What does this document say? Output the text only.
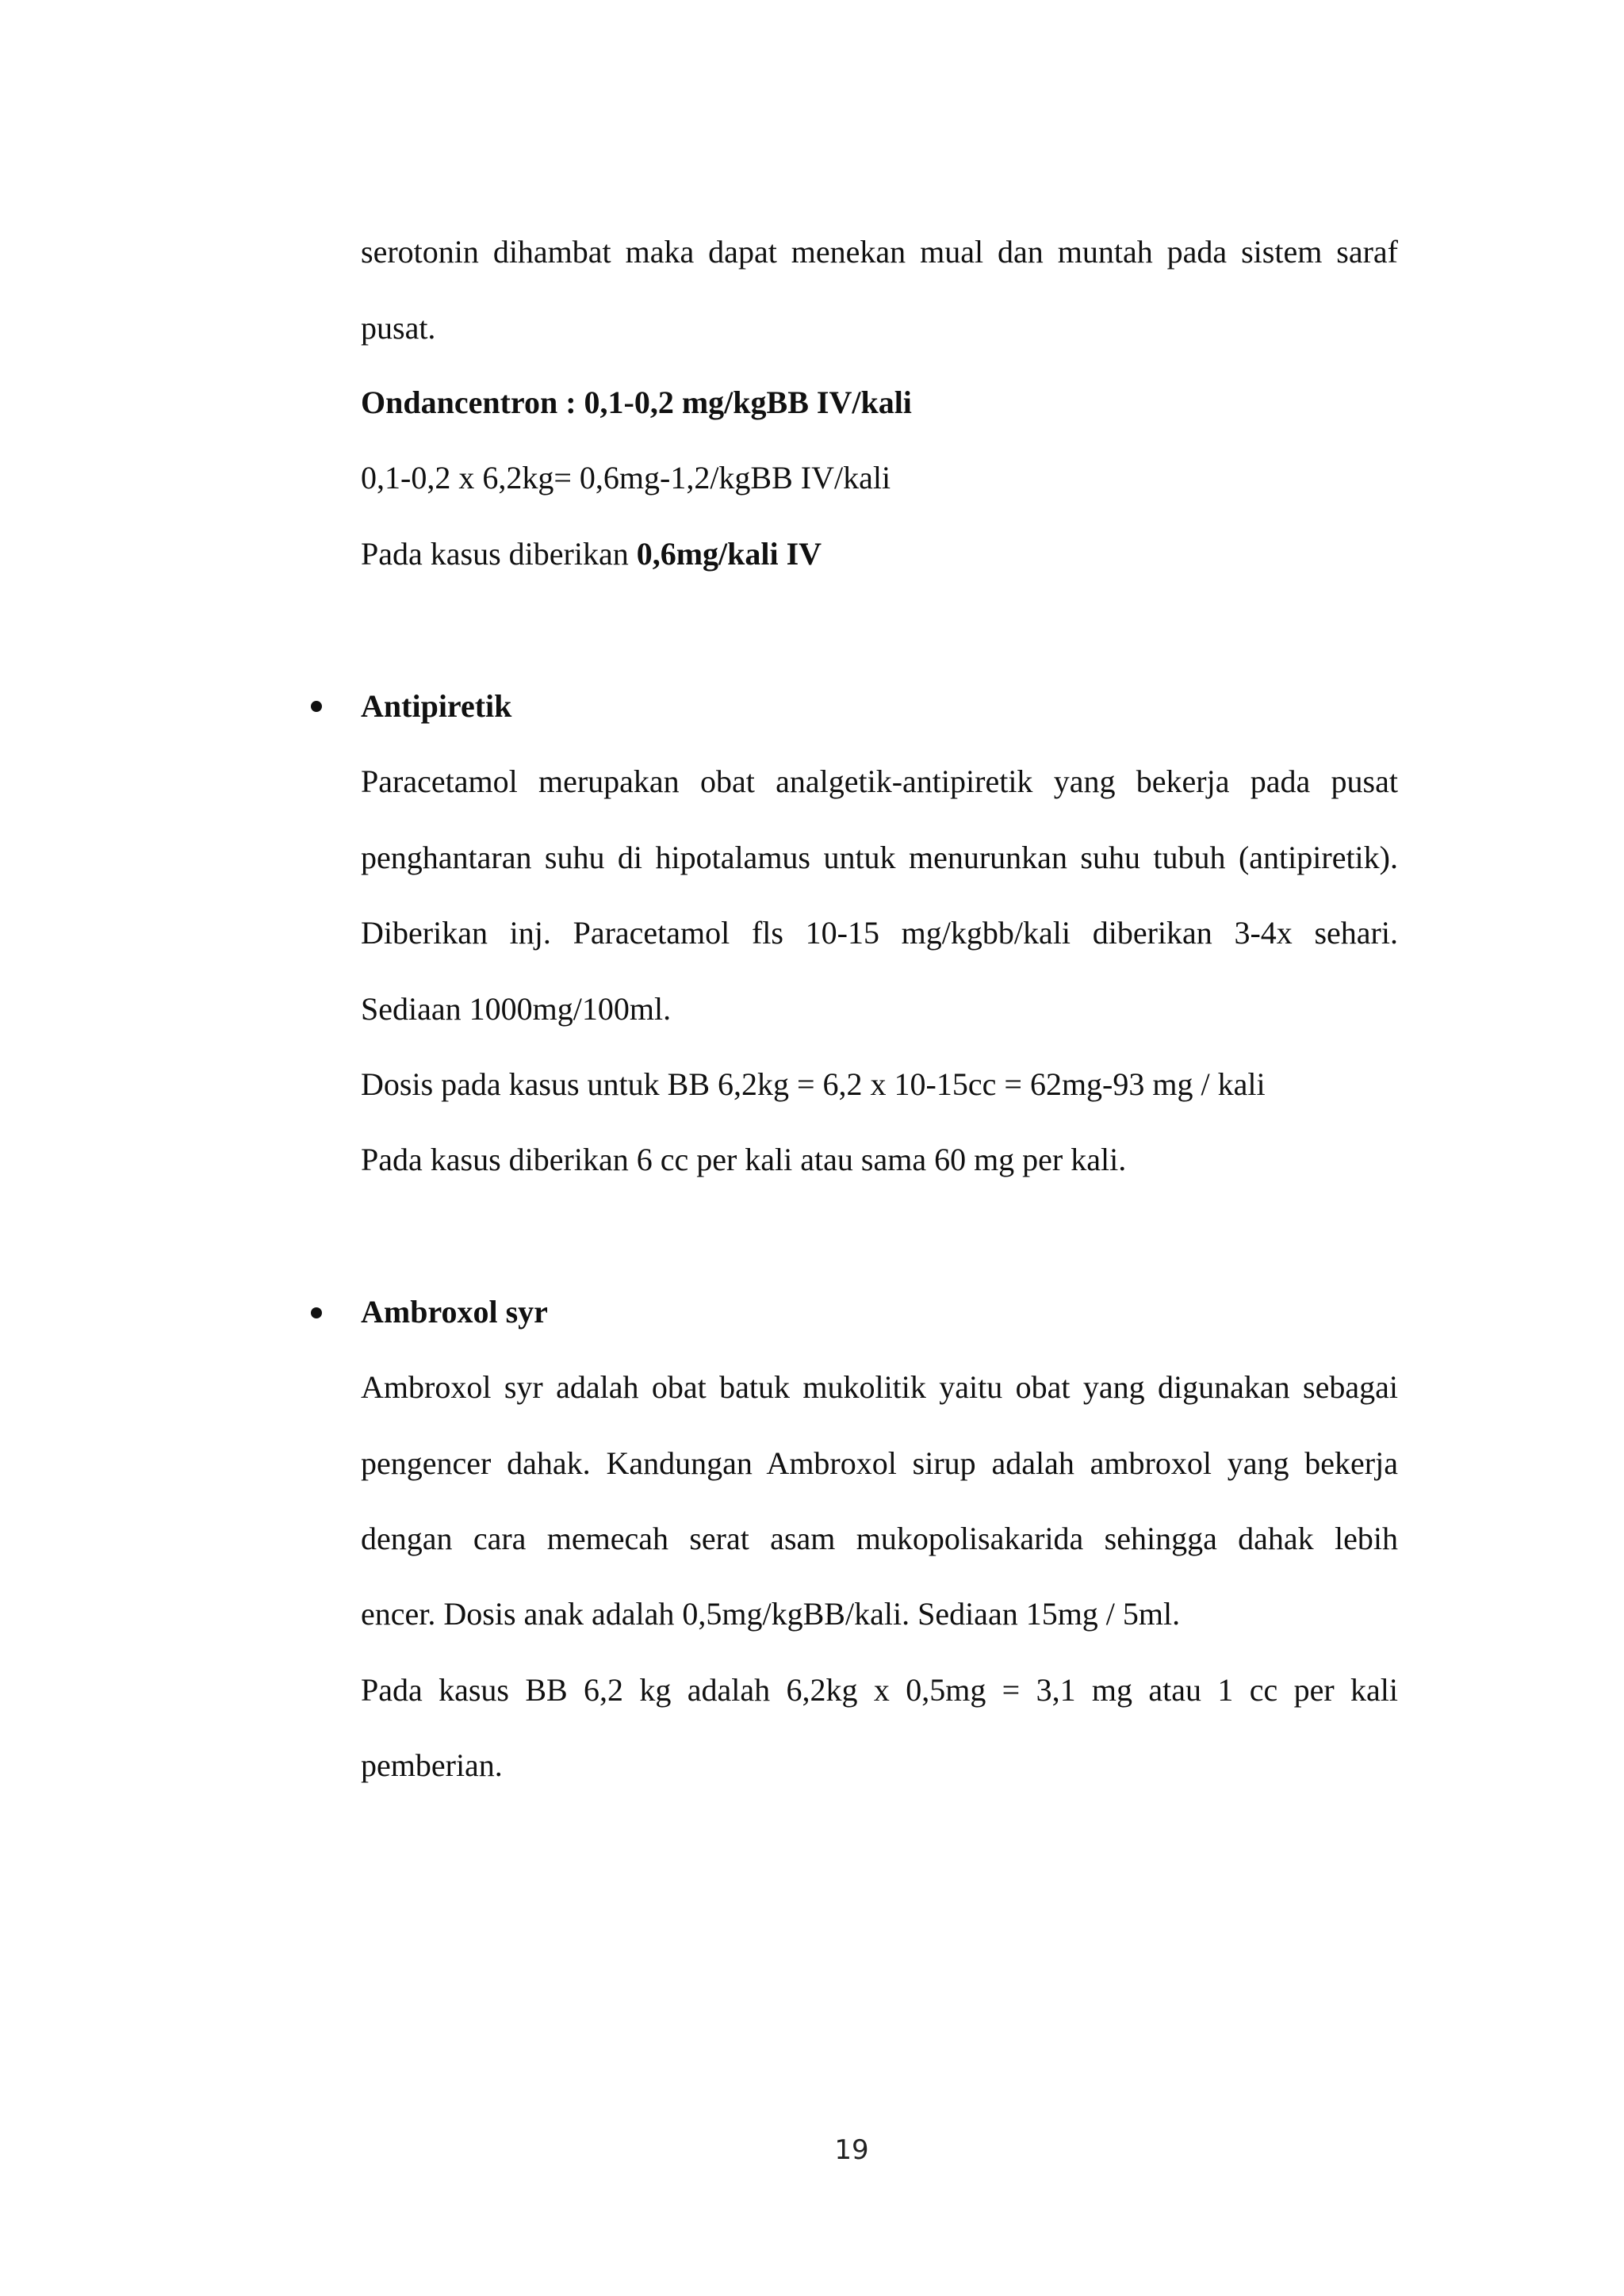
serotonin dihambat maka dapat menekan mual dan muntah pada sistem saraf
pusat.
Ondancentron : 0,1-0,2 mg/kgBB IV/kali
0,1-0,2 x 6,2kg= 0,6mg-1,2/kgBB IV/kali
Pada kasus diberikan 0,6mg/kali IV
Antipiretik
Paracetamol merupakan obat analgetik-antipiretik yang bekerja pada pusat
penghantaran suhu di hipotalamus untuk menurunkan suhu tubuh (antipiretik).
Diberikan inj. Paracetamol fls 10-15 mg/kgbb/kali diberikan 3-4x sehari.
Sediaan 1000mg/100ml.
Dosis pada kasus untuk BB 6,2kg = 6,2 x 10-15cc = 62mg-93 mg / kali
Pada kasus diberikan 6 cc per kali atau sama 60 mg per kali.
Ambroxol syr
Ambroxol syr adalah obat batuk mukolitik yaitu obat yang digunakan sebagai
pengencer dahak. Kandungan Ambroxol sirup adalah ambroxol yang bekerja
dengan cara memecah serat asam mukopolisakarida sehingga dahak lebih
encer. Dosis anak adalah 0,5mg/kgBB/kali. Sediaan 15mg / 5ml.
Pada kasus BB 6,2 kg adalah 6,2kg x 0,5mg = 3,1 mg atau 1 cc per kali
pemberian.
19
